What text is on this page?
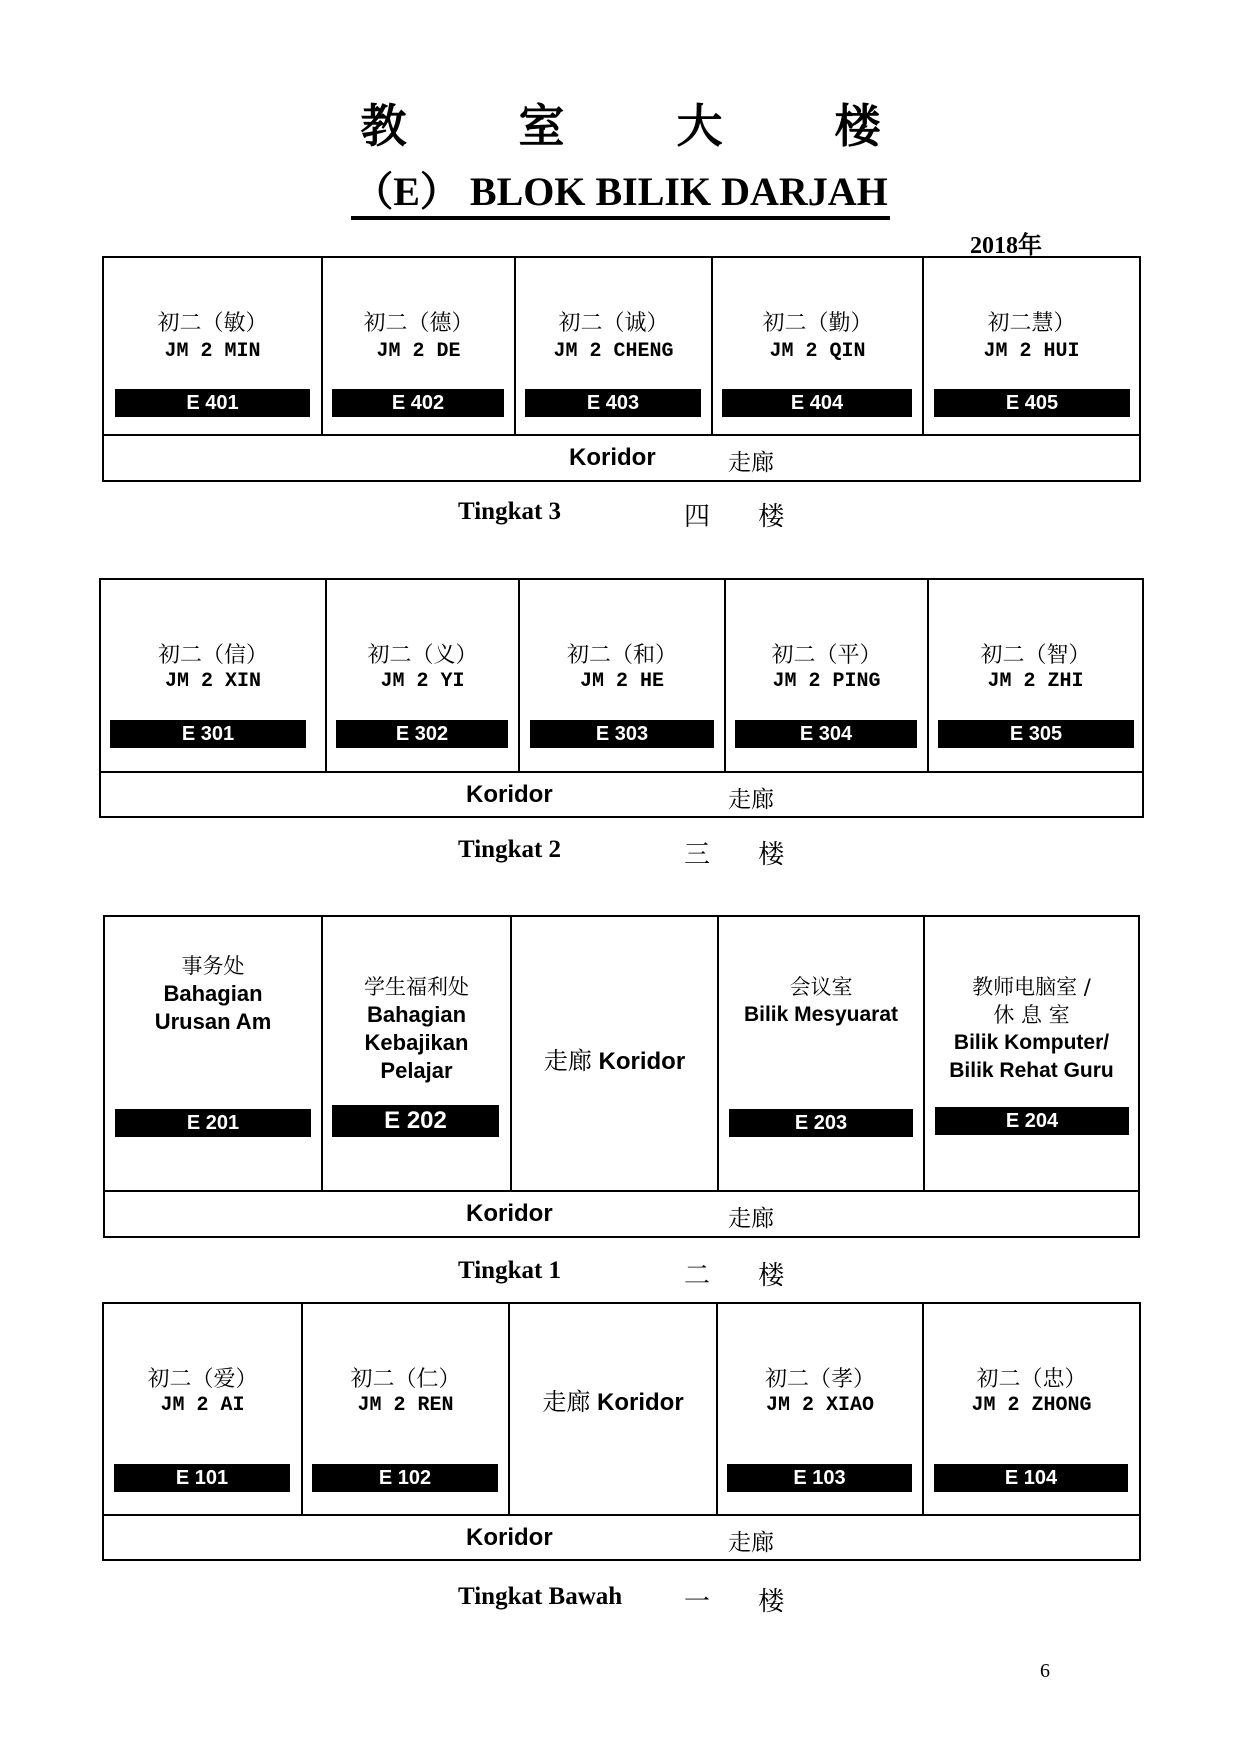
教 室 大 楼
（E） BLOK BILIK DARJAH
2018年
初二（敏）
JM 2 MIN
E 401
初二（德）
JM 2 DE
E 402
初二（诚）
JM 2 CHENG
E 403
初二（勤）
JM 2 QIN
E 404
初二慧）
JM 2 HUI
E 405
Koridor	走廊
Tingkat 3	四 楼
初二（信）
JM 2 XIN
E 301
初二（义）
JM 2 YI
E 302
初二（和）
JM 2 HE
E 303
初二（平）
JM 2 PING
E 304
初二（智）
JM 2 ZHI
E 305
Koridor	走廊
Tingkat 2	三 楼
事务处
Bahagian
Urusan Am
E 201
学生福利处
Bahagian
Kebajikan
Pelajar
E 202
走廊 Koridor
会议室
Bilik Mesyuarat
E 203
教师电脑室 /
休 息 室
Bilik Komputer/
Bilik Rehat Guru
E 204
Koridor	走廊
Tingkat 1	二 楼
初二（爱）
JM 2 AI
E 101
初二（仁）
JM 2 REN
E 102
走廊 Koridor
初二（孝）
JM 2 XIAO
E 103
初二（忠）
JM 2 ZHONG
E 104
Koridor	走廊
Tingkat Bawah 一 楼
6
